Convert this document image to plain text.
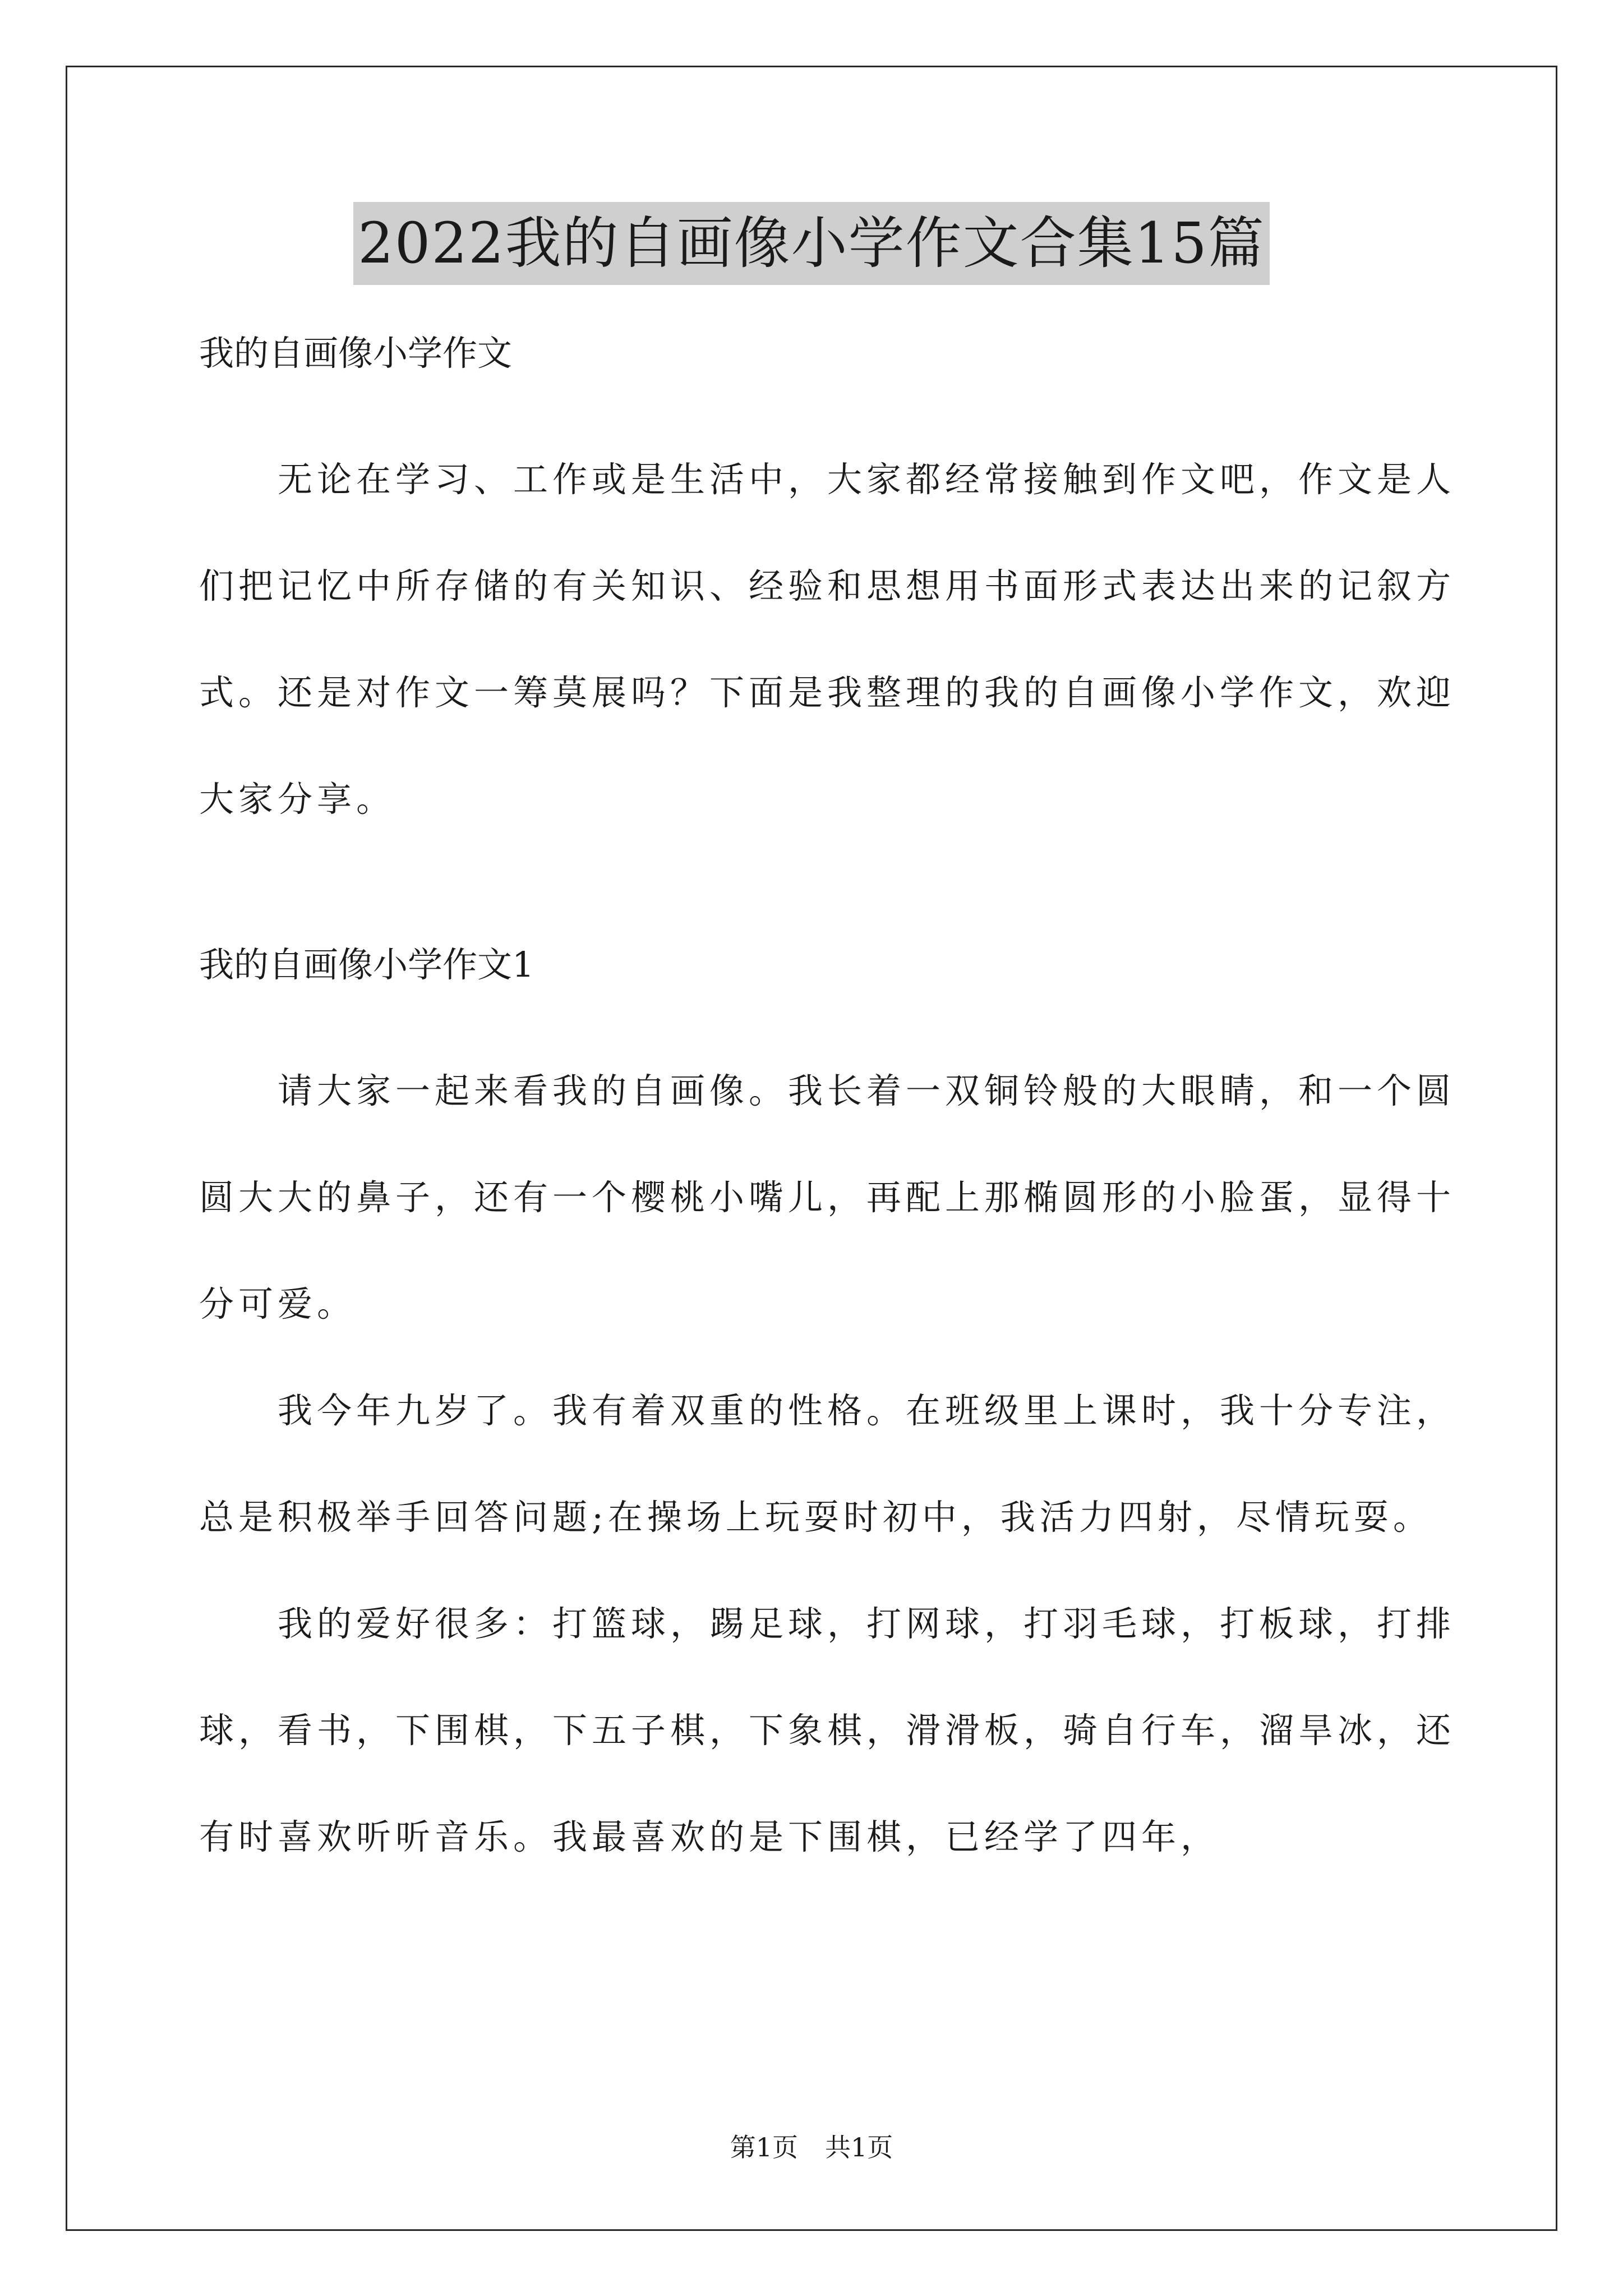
2022我的自画像小学作文合集15篇

我的自画像小学作文

无论在学习、工作或是生活中，大家都经常接触到作文吧，作文是人们把记忆中所存储的有关知识、经验和思想用书面形式表达出来的记叙方式。还是对作文一筹莫展吗？下面是我整理的我的自画像小学作文，欢迎大家分享。

我的自画像小学作文1

请大家一起来看我的自画像。我长着一双铜铃般的大眼睛，和一个圆圆大大的鼻子，还有一个樱桃小嘴儿，再配上那椭圆形的小脸蛋，显得十分可爱。

我今年九岁了。我有着双重的性格。在班级里上课时，我十分专注，总是积极举手回答问题;在操场上玩耍时初中，我活力四射，尽情玩耍。

我的爱好很多：打篮球，踢足球，打网球，打羽毛球，打板球，打排球，看书，下围棋，下五子棋，下象棋，滑滑板，骑自行车，溜旱冰，还有时喜欢听听音乐。我最喜欢的是下围棋，已经学了四年，

第1页 共1页
